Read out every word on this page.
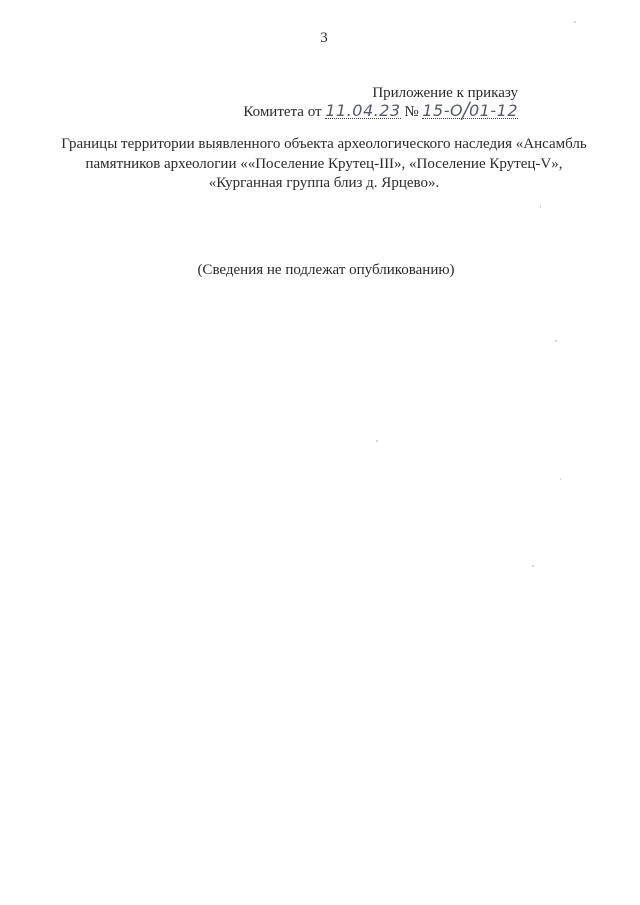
3
Приложение к приказу
Комитета от 11.04.23 № 15-О/01-12
Границы территории выявленного объекта археологического наследия «Ансамбль памятников археологии ««Поселение Крутец-III», «Поселение Крутец-V», «Курганная группа близ д. Ярцево».
(Сведения не подлежат опубликованию)
